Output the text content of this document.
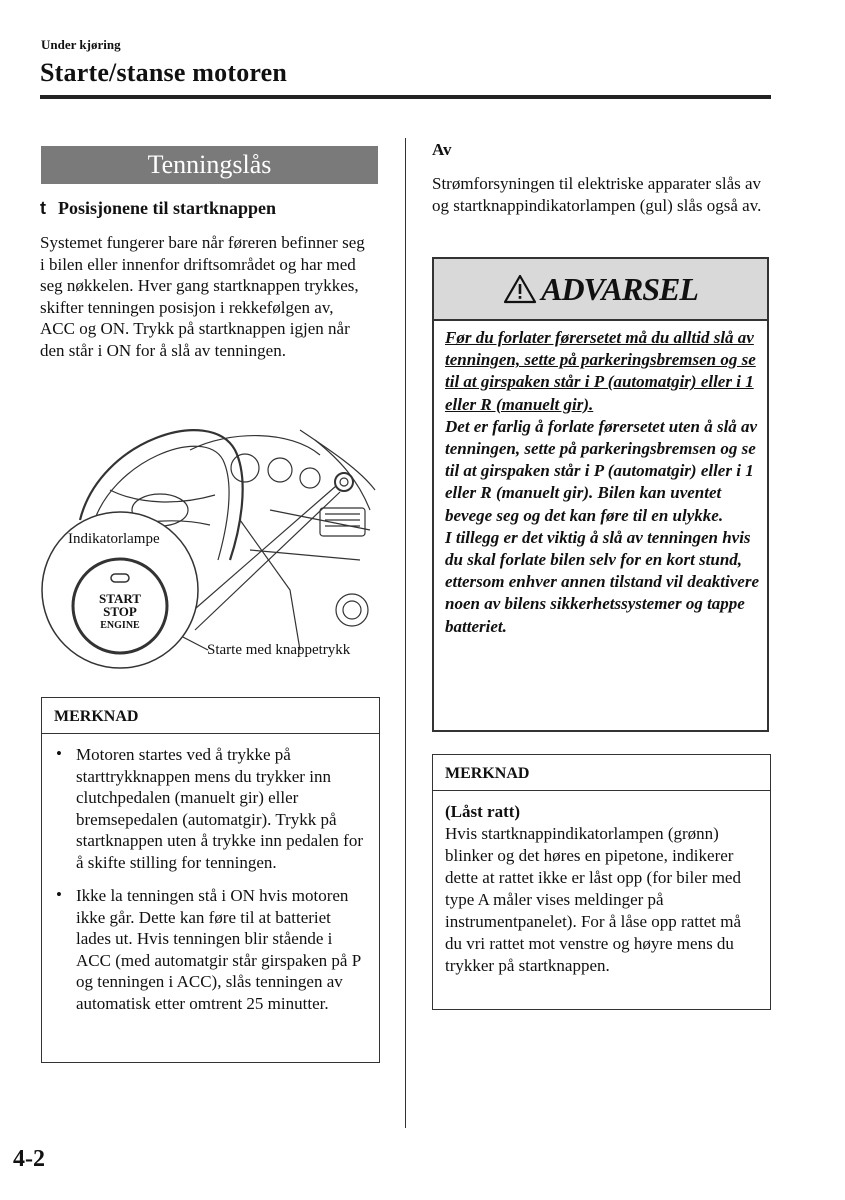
Under kjøring
Starte/stanse motoren
Tenningslås
t Posisjonene til startknappen
Systemet fungerer bare når føreren befinner seg i bilen eller innenfor driftsområdet og har med seg nøkkelen. Hver gang startknappen trykkes, skifter tenningen posisjon i rekkefølgen av, ACC og ON. Trykk på startknappen igjen når den står i ON for å slå av tenningen.
Indikatorlampe
START
STOP
ENGINE
Starte med knappetrykk
MERKNAD
• Motoren startes ved å trykke på starttrykknappen mens du trykker inn clutchpedalen (manuelt gir) eller bremsepedalen (automatgir). Trykk på startknappen uten å trykke inn pedalen for å skifte stilling for tenningen.
• Ikke la tenningen stå i ON hvis motoren ikke går. Dette kan føre til at batteriet lades ut. Hvis tenningen blir stående i ACC (med automatgir står girspaken på P og tenningen i ACC), slås tenningen av automatisk etter omtrent 25 minutter.
Av
Strømforsyningen til elektriske apparater slås av og startknappindikatorlampen (gul) slås også av.
ADVARSEL
Før du forlater førersetet må du alltid slå av tenningen, sette på parkeringsbremsen og se til at girspaken står i P (automatgir) eller i 1 eller R (manuelt gir).
Det er farlig å forlate førersetet uten å slå av tenningen, sette på parkeringsbremsen og se til at girspaken står i P (automatgir) eller i 1 eller R (manuelt gir). Bilen kan uventet bevege seg og det kan føre til en ulykke.
I tillegg er det viktig å slå av tenningen hvis du skal forlate bilen selv for en kort stund, ettersom enhver annen tilstand vil deaktivere noen av bilens sikkerhetssystemer og tappe batteriet.
MERKNAD
(Låst ratt)
Hvis startknappindikatorlampen (grønn) blinker og det høres en pipetone, indikerer dette at rattet ikke er låst opp (for biler med type A måler vises meldinger på instrumentpanelet). For å låse opp rattet må du vri rattet mot venstre og høyre mens du trykker på startknappen.
4-2
